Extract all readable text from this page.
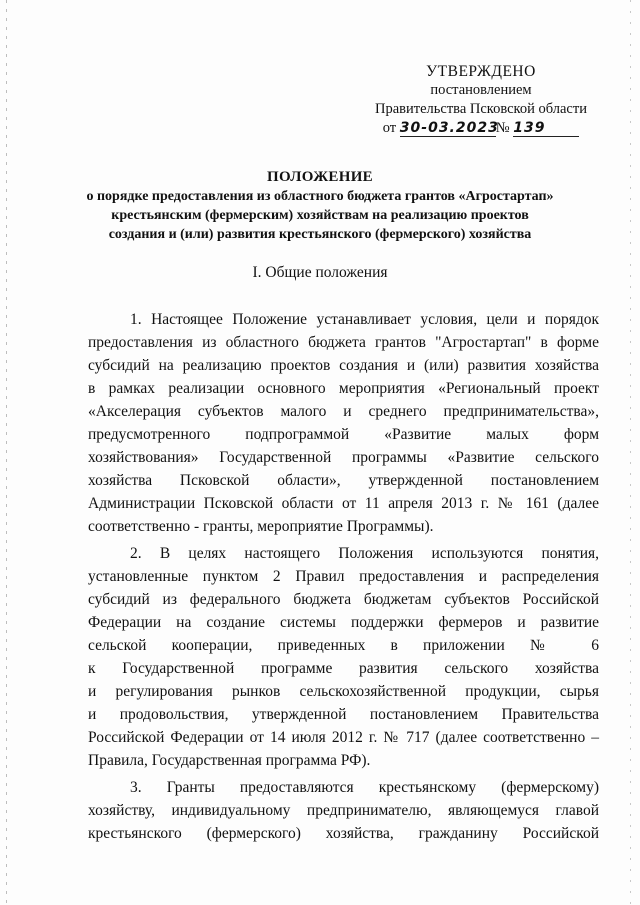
УТВЕРЖДЕНО
постановлением
Правительства Псковской области
от 30-03.2023№ 139
ПОЛОЖЕНИЕ
о порядке предоставления из областного бюджета грантов «Агростартап»
крестьянским (фермерским) хозяйствам на реализацию проектов
создания и (или) развития крестьянского (фермерского) хозяйства
I. Общие положения
1. Настоящее Положение устанавливает условия, цели и порядок
предоставления из областного бюджета грантов "Агростартап" в форме
субсидий на реализацию проектов создания и (или) развития хозяйства
в рамках реализации основного мероприятия «Региональный проект
«Акселерация субъектов малого и среднего предпринимательства»,
предусмотренного подпрограммой «Развитие малых форм
хозяйствования» Государственной программы «Развитие сельского
хозяйства Псковской области», утвержденной постановлением
Администрации Псковской области от 11 апреля 2013 г. № 161 (далее
соответственно - гранты, мероприятие Программы).
2. В целях настоящего Положения используются понятия,
установленные пунктом 2 Правил предоставления и распределения
субсидий из федерального бюджета бюджетам субъектов Российской
Федерации на создание системы поддержки фермеров и развитие
сельской кооперации, приведенных в приложении № 6
к Государственной программе развития сельского хозяйства
и регулирования рынков сельскохозяйственной продукции, сырья
и продовольствия, утвержденной постановлением Правительства
Российской Федерации от 14 июля 2012 г. № 717 (далее соответственно –
Правила, Государственная программа РФ).
3. Гранты предоставляются крестьянскому (фермерскому)
хозяйству, индивидуальному предпринимателю, являющемуся главой
крестьянского (фермерского) хозяйства, гражданину Российской
